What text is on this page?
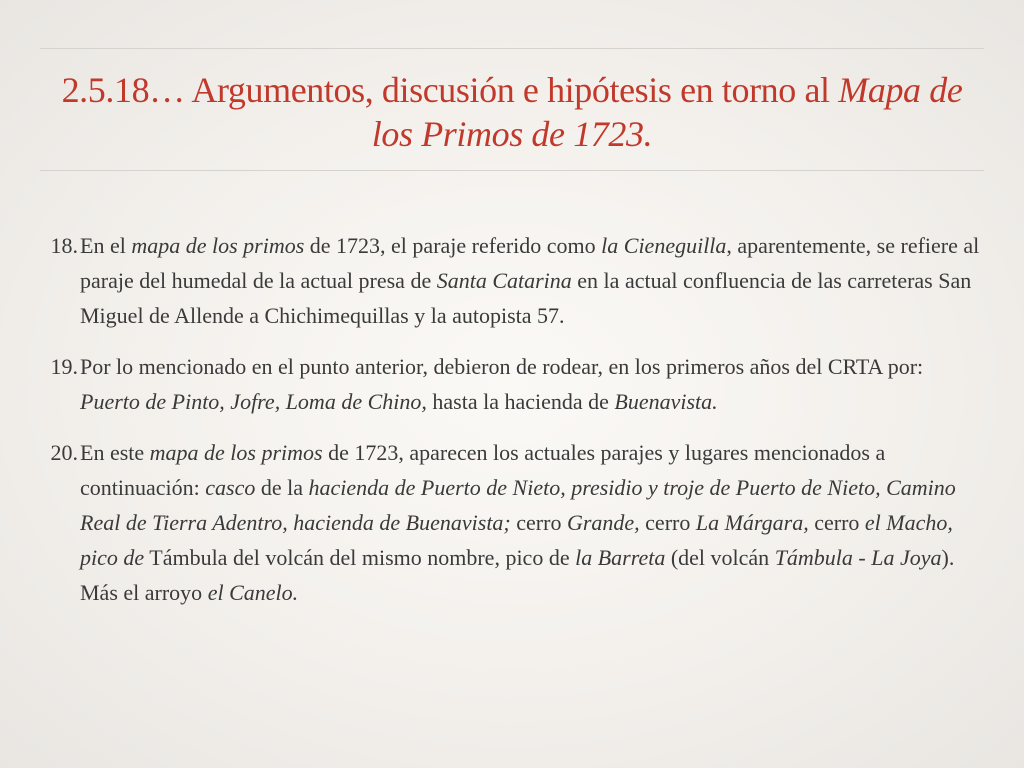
2.5.18… Argumentos, discusión e hipótesis en torno al Mapa de los Primos de 1723.
18. En el mapa de los primos de 1723, el paraje referido como la Cieneguilla, aparentemente, se refiere al paraje del humedal de la actual presa de Santa Catarina en la actual confluencia de las carreteras San Miguel de Allende a Chichimequillas y la autopista 57.
19. Por lo mencionado en el punto anterior, debieron de rodear, en los primeros años del CRTA por: Puerto de Pinto, Jofre, Loma de Chino, hasta la hacienda de Buenavista.
20. En este mapa de los primos de 1723, aparecen los actuales parajes y lugares mencionados a continuación: casco de la hacienda de Puerto de Nieto, presidio y troje de Puerto de Nieto, Camino Real de Tierra Adentro, hacienda de Buenavista; cerro Grande, cerro La Márgara, cerro el Macho, pico de Támbula del volcán del mismo nombre, pico de la Barreta (del volcán Támbula - La Joya). Más el arroyo el Canelo.
